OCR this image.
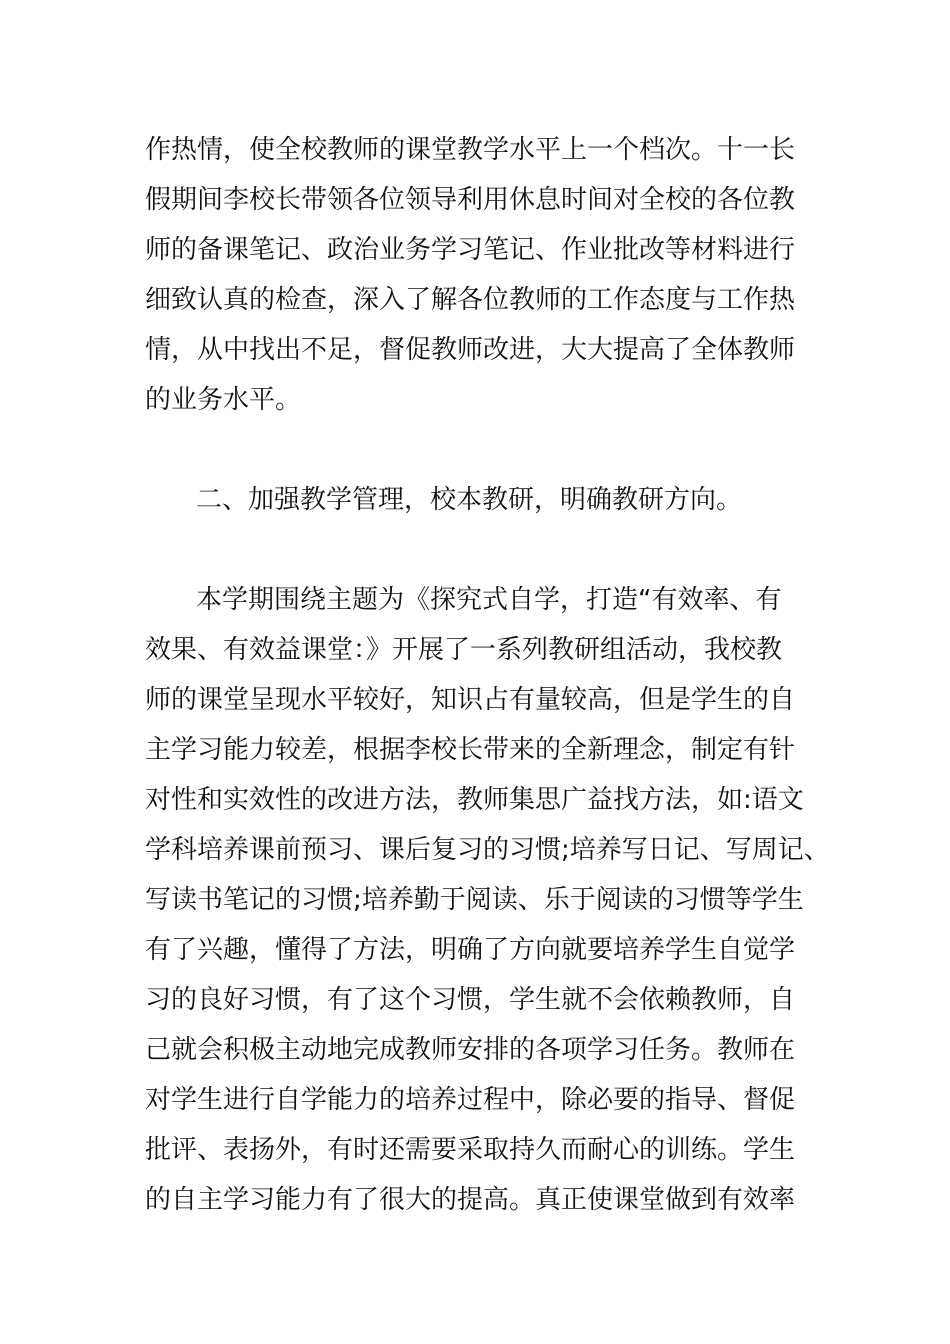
作热情，使全校教师的课堂教学水平上一个档次。十一长
假期间李校长带领各位领导利用休息时间对全校的各位教
师的备课笔记、政治业务学习笔记、作业批改等材料进行
细致认真的检查，深入了解各位教师的工作态度与工作热
情，从中找出不足，督促教师改进，大大提高了全体教师
的业务水平。
二、加强教学管理，校本教研，明确教研方向。
本学期围绕主题为《探究式自学，打造“有效率、有
效果、有效益课堂：》开展了一系列教研组活动，我校教
师的课堂呈现水平较好，知识占有量较高，但是学生的自
主学习能力较差，根据李校长带来的全新理念，制定有针
对性和实效性的改进方法，教师集思广益找方法，如:语文
学科培养课前预习、课后复习的习惯;培养写日记、写周记、
写读书笔记的习惯;培养勤于阅读、乐于阅读的习惯等学生
有了兴趣，懂得了方法，明确了方向就要培养学生自觉学
习的良好习惯，有了这个习惯，学生就不会依赖教师，自
己就会积极主动地完成教师安排的各项学习任务。教师在
对学生进行自学能力的培养过程中，除必要的指导、督促
批评、表扬外，有时还需要采取持久而耐心的训练。学生
的自主学习能力有了很大的提高。真正使课堂做到有效率
